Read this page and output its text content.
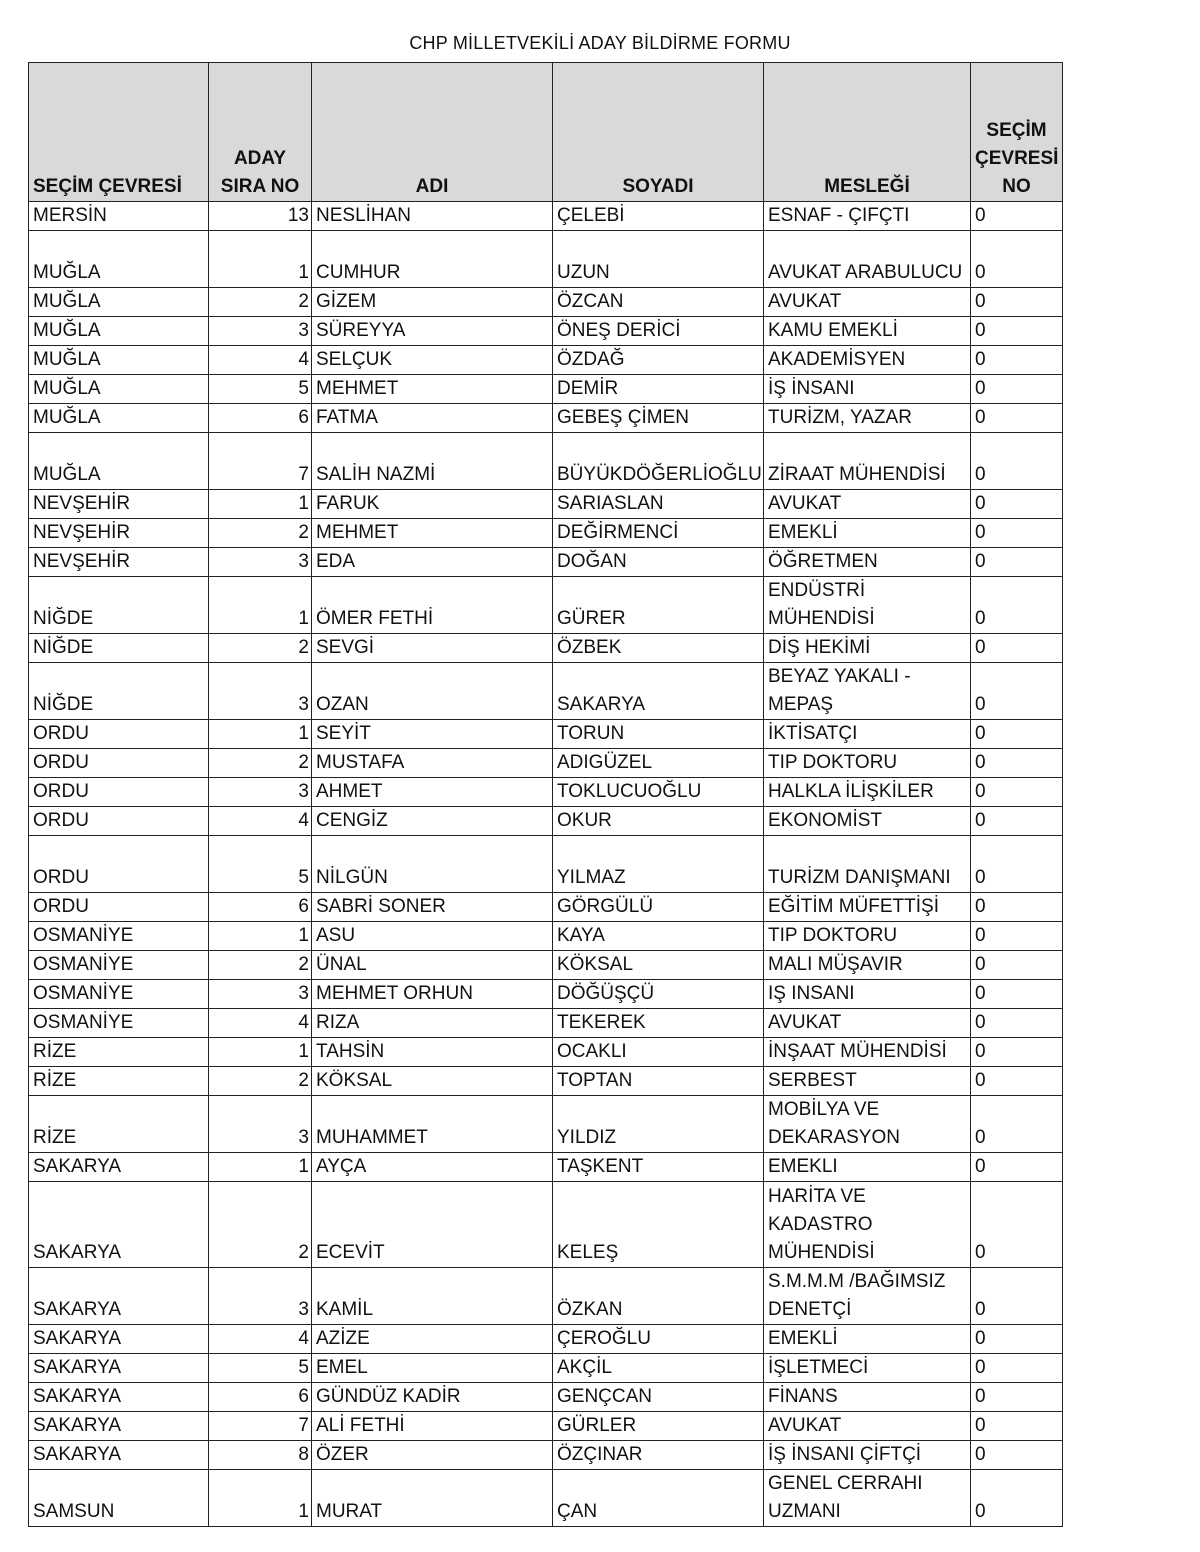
CHP MİLLETVEKİLİ ADAY BİLDİRME FORMU
SEÇİM ÇEVRESİ	ADAY SIRA NO	ADI	SOYADI	MESLEĞİ	SEÇİM ÇEVRESİ NO
MERSİN	13	NESLİHAN	ÇELEBİ	ESNAF - ÇIFÇTI	0
MUĞLA	1	CUMHUR	UZUN	AVUKAT ARABULUCU	0
MUĞLA	2	GİZEM	ÖZCAN	AVUKAT	0
MUĞLA	3	SÜREYYA	ÖNEŞ DERİCİ	KAMU EMEKLİ	0
MUĞLA	4	SELÇUK	ÖZDAĞ	AKADEMİSYEN	0
MUĞLA	5	MEHMET	DEMİR	İŞ İNSANI	0
MUĞLA	6	FATMA	GEBEŞ ÇİMEN	TURİZM, YAZAR	0
MUĞLA	7	SALİH NAZMİ	BÜYÜKDÖĞERLİOĞLU	ZİRAAT MÜHENDİSİ	0
NEVŞEHİR	1	FARUK	SARIASLAN	AVUKAT	0
NEVŞEHİR	2	MEHMET	DEĞİRMENCİ	EMEKLİ	0
NEVŞEHİR	3	EDA	DOĞAN	ÖĞRETMEN	0
NİĞDE	1	ÖMER FETHİ	GÜRER	ENDÜSTRİ MÜHENDİSİ	0
NİĞDE	2	SEVGİ	ÖZBEK	DİŞ HEKİMİ	0
NİĞDE	3	OZAN	SAKARYA	BEYAZ YAKALI - MEPAŞ	0
ORDU	1	SEYİT	TORUN	İKTİSATÇI	0
ORDU	2	MUSTAFA	ADIGÜZEL	TIP DOKTORU	0
ORDU	3	AHMET	TOKLUCUOĞLU	HALKLA İLİŞKİLER	0
ORDU	4	CENGİZ	OKUR	EKONOMİST	0
ORDU	5	NİLGÜN	YILMAZ	TURİZM DANIŞMANI	0
ORDU	6	SABRİ SONER	GÖRGÜLÜ	EĞİTİM MÜFETTİŞİ	0
OSMANİYE	1	ASU	KAYA	TIP DOKTORU	0
OSMANİYE	2	ÜNAL	KÖKSAL	MALI MÜŞAVIR	0
OSMANİYE	3	MEHMET ORHUN	DÖĞÜŞÇÜ	IŞ INSANI	0
OSMANİYE	4	RIZA	TEKEREK	AVUKAT	0
RİZE	1	TAHSİN	OCAKLI	İNŞAAT MÜHENDİSİ	0
RİZE	2	KÖKSAL	TOPTAN	SERBEST	0
RİZE	3	MUHAMMET	YILDIZ	MOBİLYA VE DEKARASYON	0
SAKARYA	1	AYÇA	TAŞKENT	EMEKLI	0
SAKARYA	2	ECEVİT	KELEŞ	HARİTA VE KADASTRO MÜHENDİSİ	0
SAKARYA	3	KAMİL	ÖZKAN	S.M.M.M /BAĞIMSIZ DENETÇİ	0
SAKARYA	4	AZİZE	ÇEROĞLU	EMEKLİ	0
SAKARYA	5	EMEL	AKÇİL	İŞLETMECİ	0
SAKARYA	6	GÜNDÜZ KADİR	GENÇCAN	FİNANS	0
SAKARYA	7	ALİ FETHİ	GÜRLER	AVUKAT	0
SAKARYA	8	ÖZER	ÖZÇINAR	İŞ İNSANI ÇİFTÇİ	0
SAMSUN	1	MURAT	ÇAN	GENEL CERRAHI UZMANI	0
